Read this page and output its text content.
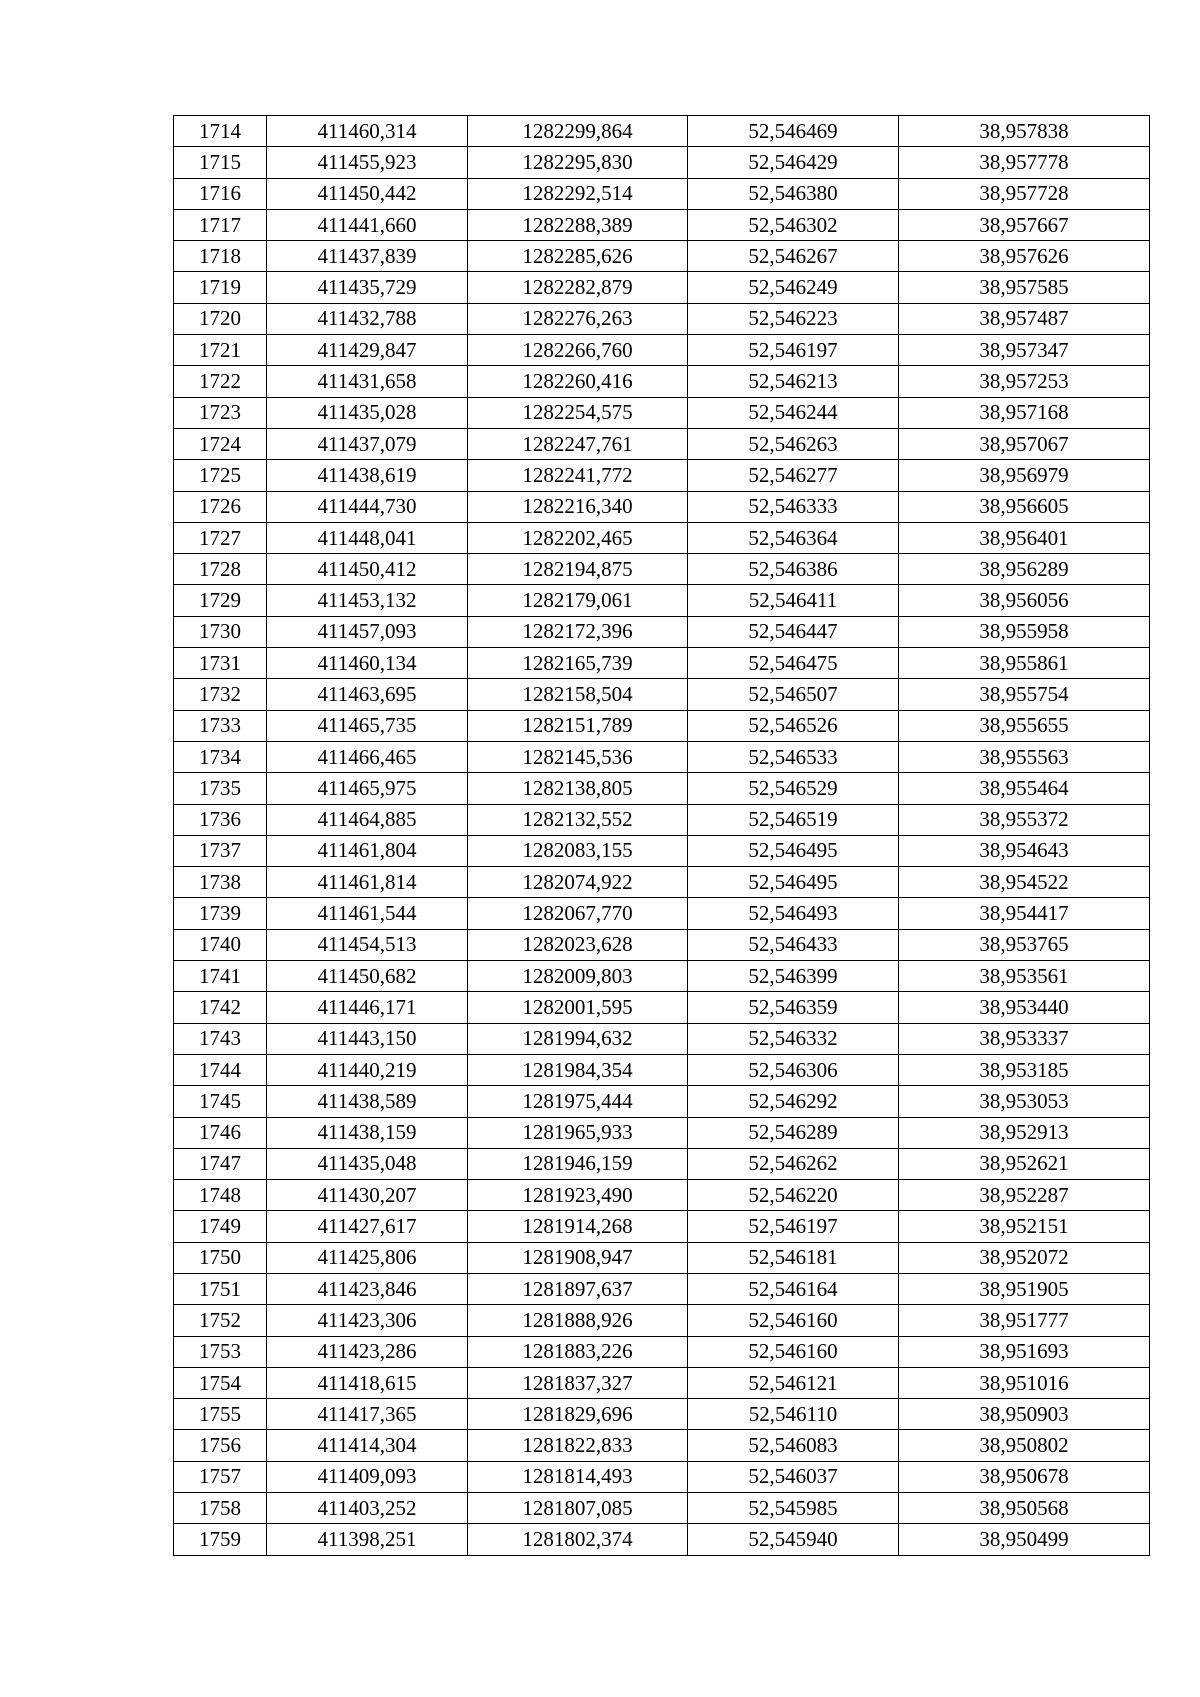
1714	411460,314	1282299,864	52,546469	38,957838
1715	411455,923	1282295,830	52,546429	38,957778
1716	411450,442	1282292,514	52,546380	38,957728
1717	411441,660	1282288,389	52,546302	38,957667
1718	411437,839	1282285,626	52,546267	38,957626
1719	411435,729	1282282,879	52,546249	38,957585
1720	411432,788	1282276,263	52,546223	38,957487
1721	411429,847	1282266,760	52,546197	38,957347
1722	411431,658	1282260,416	52,546213	38,957253
1723	411435,028	1282254,575	52,546244	38,957168
1724	411437,079	1282247,761	52,546263	38,957067
1725	411438,619	1282241,772	52,546277	38,956979
1726	411444,730	1282216,340	52,546333	38,956605
1727	411448,041	1282202,465	52,546364	38,956401
1728	411450,412	1282194,875	52,546386	38,956289
1729	411453,132	1282179,061	52,546411	38,956056
1730	411457,093	1282172,396	52,546447	38,955958
1731	411460,134	1282165,739	52,546475	38,955861
1732	411463,695	1282158,504	52,546507	38,955754
1733	411465,735	1282151,789	52,546526	38,955655
1734	411466,465	1282145,536	52,546533	38,955563
1735	411465,975	1282138,805	52,546529	38,955464
1736	411464,885	1282132,552	52,546519	38,955372
1737	411461,804	1282083,155	52,546495	38,954643
1738	411461,814	1282074,922	52,546495	38,954522
1739	411461,544	1282067,770	52,546493	38,954417
1740	411454,513	1282023,628	52,546433	38,953765
1741	411450,682	1282009,803	52,546399	38,953561
1742	411446,171	1282001,595	52,546359	38,953440
1743	411443,150	1281994,632	52,546332	38,953337
1744	411440,219	1281984,354	52,546306	38,953185
1745	411438,589	1281975,444	52,546292	38,953053
1746	411438,159	1281965,933	52,546289	38,952913
1747	411435,048	1281946,159	52,546262	38,952621
1748	411430,207	1281923,490	52,546220	38,952287
1749	411427,617	1281914,268	52,546197	38,952151
1750	411425,806	1281908,947	52,546181	38,952072
1751	411423,846	1281897,637	52,546164	38,951905
1752	411423,306	1281888,926	52,546160	38,951777
1753	411423,286	1281883,226	52,546160	38,951693
1754	411418,615	1281837,327	52,546121	38,951016
1755	411417,365	1281829,696	52,546110	38,950903
1756	411414,304	1281822,833	52,546083	38,950802
1757	411409,093	1281814,493	52,546037	38,950678
1758	411403,252	1281807,085	52,545985	38,950568
1759	411398,251	1281802,374	52,545940	38,950499
